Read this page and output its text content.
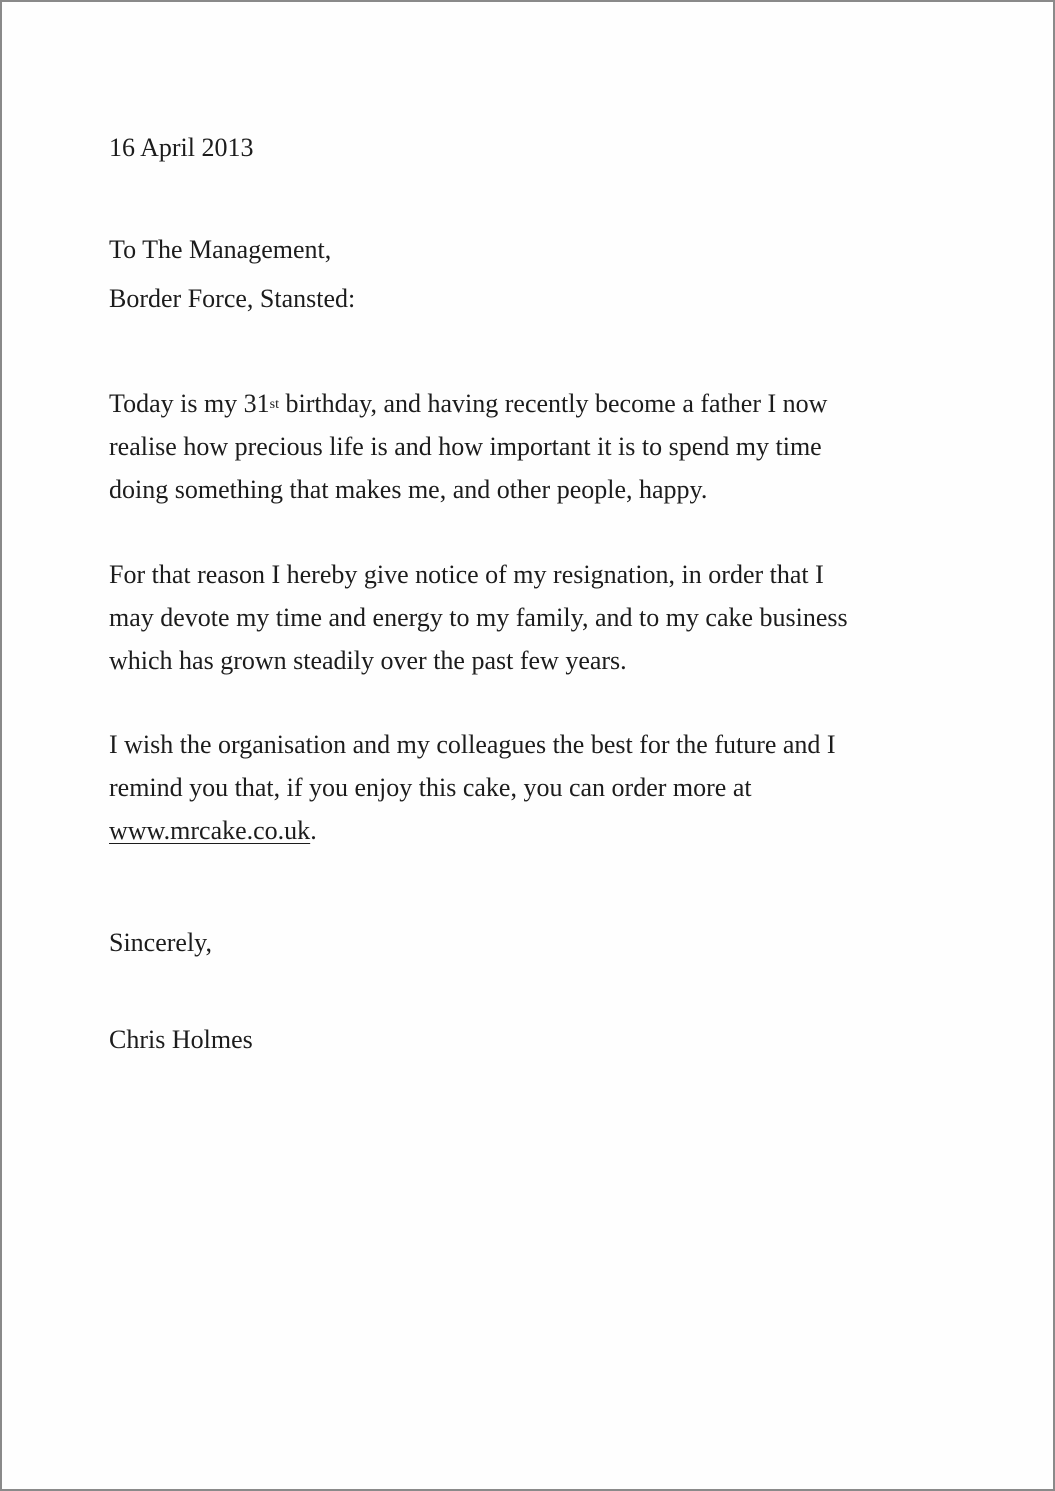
16 April 2013

To The Management,

Border Force, Stansted:

Today is my 31st birthday, and having recently become a father I now
realise how precious life is and how important it is to spend my time
doing something that makes me, and other people, happy.
For that reason I hereby give notice of my resignation, in order that I
may devote my time and energy to my family, and to my cake business
which has grown steadily over the past few years.
I wish the organisation and my colleagues the best for the future and I
remind you that, if you enjoy this cake, you can order more at
www.mrcake.co.uk.

Sincerely,

Chris Holmes
